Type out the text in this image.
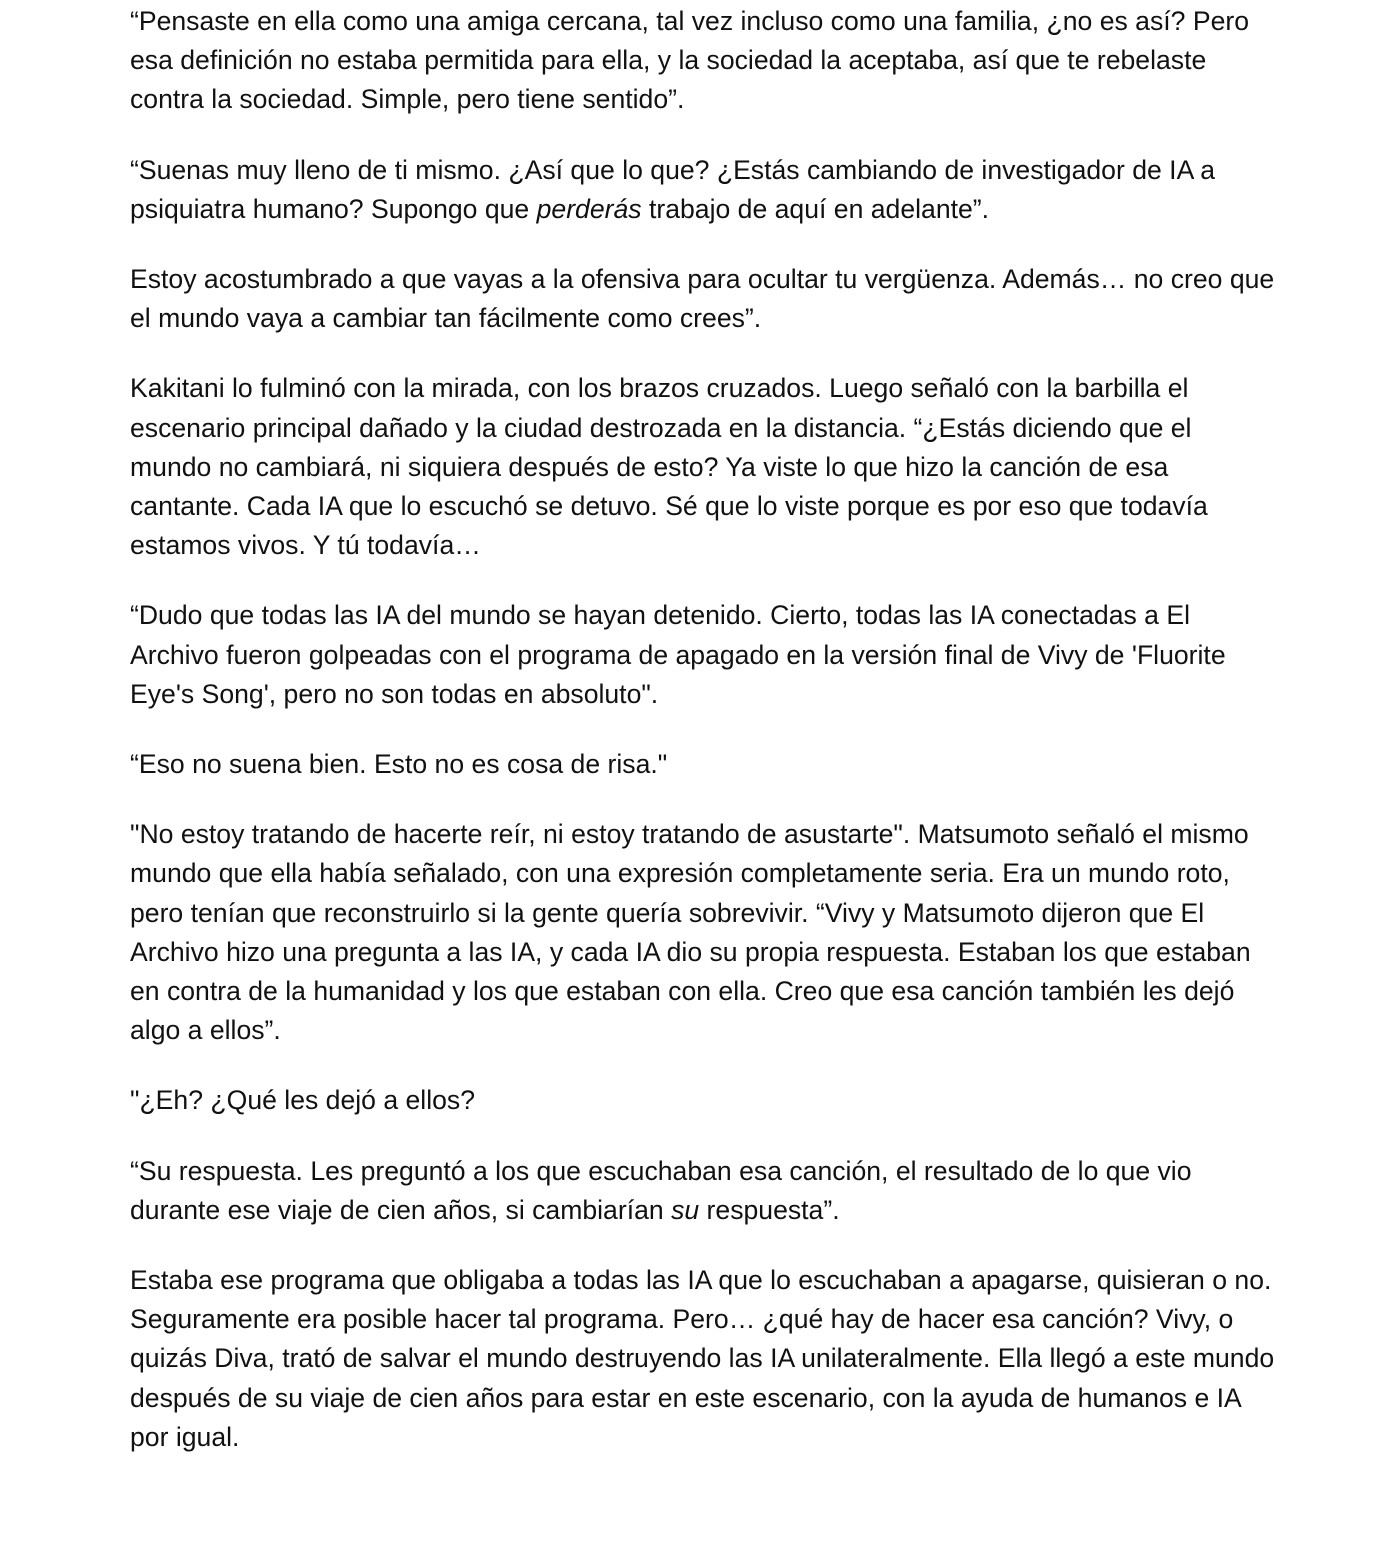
“Pensaste en ella como una amiga cercana, tal vez incluso como una familia, ¿no es así? Pero esa definición no estaba permitida para ella, y la sociedad la aceptaba, así que te rebelaste contra la sociedad. Simple, pero tiene sentido”.

“Suenas muy lleno de ti mismo. ¿Así que lo que? ¿Estás cambiando de investigador de IA a psiquiatra humano? Supongo que perderás trabajo de aquí en adelante”.

Estoy acostumbrado a que vayas a la ofensiva para ocultar tu vergüenza. Además… no creo que el mundo vaya a cambiar tan fácilmente como crees”.

Kakitani lo fulminó con la mirada, con los brazos cruzados. Luego señaló con la barbilla el escenario principal dañado y la ciudad destrozada en la distancia. “¿Estás diciendo que el mundo no cambiará, ni siquiera después de esto? Ya viste lo que hizo la canción de esa cantante. Cada IA que lo escuchó se detuvo. Sé que lo viste porque es por eso que todavía estamos vivos. Y tú todavía…

“Dudo que todas las IA del mundo se hayan detenido. Cierto, todas las IA conectadas a El Archivo fueron golpeadas con el programa de apagado en la versión final de Vivy de 'Fluorite Eye's Song', pero no son todas en absoluto".

“Eso no suena bien. Esto no es cosa de risa."

"No estoy tratando de hacerte reír, ni estoy tratando de asustarte". Matsumoto señaló el mismo mundo que ella había señalado, con una expresión completamente seria. Era un mundo roto, pero tenían que reconstruirlo si la gente quería sobrevivir. “Vivy y Matsumoto dijeron que El Archivo hizo una pregunta a las IA, y cada IA dio su propia respuesta. Estaban los que estaban en contra de la humanidad y los que estaban con ella. Creo que esa canción también les dejó algo a ellos”.

"¿Eh? ¿Qué les dejó a ellos?

“Su respuesta. Les preguntó a los que escuchaban esa canción, el resultado de lo que vio durante ese viaje de cien años, si cambiarían su respuesta”.

Estaba ese programa que obligaba a todas las IA que lo escuchaban a apagarse, quisieran o no. Seguramente era posible hacer tal programa. Pero… ¿qué hay de hacer esa canción? Vivy, o quizás Diva, trató de salvar el mundo destruyendo las IA unilateralmente. Ella llegó a este mundo después de su viaje de cien años para estar en este escenario, con la ayuda de humanos e IA por igual.
